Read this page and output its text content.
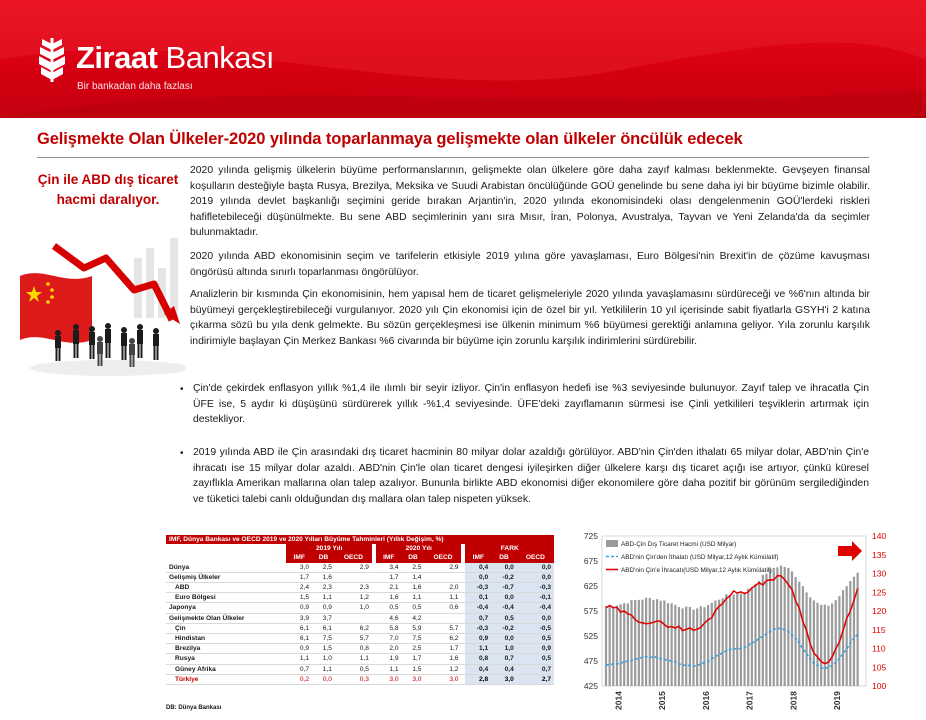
Ziraat Bankası
Bir bankadan daha fazlası
Gelişmekte Olan Ülkeler-2020 yılında toparlanmaya gelişmekte olan ülkeler öncülük edecek
Çin ile ABD dış ticaret hacmi daralıyor.

2020 yılında gelişmiş ülkelerin büyüme performanslarının, gelişmekte olan ülkelere göre daha zayıf kalması beklenmekte. Gevşeyen finansal koşulların desteğiyle başta Rusya, Brezilya, Meksika ve Suudi Arabistan öncülüğünde GOÜ genelinde bu sene daha iyi bir büyüme bizimle olabilir. 2019 yılında devlet başkanlığı seçimini geride bırakan Arjantin'in, 2020 yılında ekonomisindeki olası dengelenmenin GOÜ'lerdeki riskleri hafifletebileceği düşünülmekte. Bu sene ABD seçimlerinin yanı sıra Mısır, İran, Polonya, Avustralya, Tayvan ve Yeni Zelanda'da da seçimler bulunmaktadır.

2020 yılında ABD ekonomisinin seçim ve tarifelerin etkisiyle 2019 yılına göre yavaşlaması, Euro Bölgesi'nin Brexit'in de çözüme kavuşması öngörüsü altında sınırlı toparlanması öngörülüyor.

Analizlerin bir kısmında Çin ekonomisinin, hem yapısal hem de ticaret gelişmeleriyle 2020 yılında yavaşlamasını sürdüreceği ve %6'nın altında bir büyümeyi gerçekleştirebileceği vurgulanıyor. 2020 yılı Çin ekonomisi için de özel bir yıl. Yetkililerin 10 yıl içerisinde sabit fiyatlarla GSYH'i 2 katına çıkarma sözü bu yıla denk gelmekte. Bu sözün gerçekleşmesi ise ülkenin minimum %6 büyümesi gerektiği anlamına geliyor. Yıla zorunlu karşılık indirimiyle başlayan Çin Merkez Bankası %6 civarında bir büyüme için zorunlu karşılık indirimlerini sürdürebilir.

• Çin'de çekirdek enflasyon yıllık %1,4 ile ılımlı bir seyir izliyor. Çin'in enflasyon hedefi ise %3 seviyesinde bulunuyor. Zayıf talep ve ihracatla Çin ÜFE ise, 5 aydır ki düşüşünü sürdürerek yıllık -%1,4 seviyesinde. ÜFE'deki zayıflamanın sürmesi ise Çinli yetkilileri teşviklerin artırmak için destekliyor.

• 2019 yılında ABD ile Çin arasındaki dış ticaret hacminin 80 milyar dolar azaldığı görülüyor. ABD'nin Çin'den ithalatı 65 milyar dolar, ABD'nin Çin'e ihracatı ise 15 milyar dolar azaldı. ABD'nin Çin'le olan ticaret dengesi iyileşirken diğer ülkelere karşı dış ticaret açığı ise artıyor, çünkü küresel zayıflıkla Amerikan mallarına olan talep azalıyor. Bununla birlikte ABD ekonomisi diğer ekonomilere göre daha pozitif bir görünüm sergilediğinden ve tüketici talebi canlı olduğundan dış mallara olan talep nispeten yüksek.

IMF, Dünya Bankası ve OECD 2019 ve 2020 Yılları Büyüme Tahminleri (Yıllık Değişim, %)											
	2019 Yılı				2020 Yılı				FARK		
	IMF	DB	OECD		IMF	DB	OECD		IMF	DB	OECD
Dünya	3,0	2,5	2,9		3,4	2,5	2,9		0,4	0,0	0,0
Gelişmiş Ülkeler	1,7	1,6			1,7	1,4			0,0	-0,2	0,0
ABD	2,4	2,3	2,3		2,1	1,6	2,0		-0,3	-0,7	-0,3
Euro Bölgesi	1,5	1,1	1,2		1,6	1,1	1,1		0,1	0,0	-0,1
Japonya	0,9	0,9	1,0		0,5	0,5	0,6		-0,4	-0,4	-0,4
Gelişmekte Olan Ülkeler	3,9	3,7			4,6	4,2			0,7	0,5	0,0
Çin	6,1	6,1	6,2		5,8	5,9	5,7		-0,3	-0,2	-0,5
Hindistan	6,1	7,5	5,7		7,0	7,5	6,2		0,9	0,0	0,5
Brezilya	0,9	1,5	0,8		2,0	2,5	1,7		1,1	1,0	0,9
Rusya	1,1	1,0	1,1		1,9	1,7	1,6		0,8	0,7	0,5
Güney Afrika	0,7	1,1	0,5		1,1	1,5	1,2		0,4	0,4	0,7
Türkiye	0,2	0,0	0,3		3,0	3,0	3,0		2,8	3,0	2,7
DB: Dünya Bankası
425
475
525
575
625
675
725
100
105
110
115
120
125
130
135
140
2014	2015	2016	2017	2018	2019
ABD-Çin Dış Ticaret Hacmi (USD Milyar)
ABD'nin Çin'den İthalatı (USD Milyar,12 Aylık Kümülatif)
ABD'nin Çin'e İhracatı(USD Milyar,12 Aylık Kümülatif)
